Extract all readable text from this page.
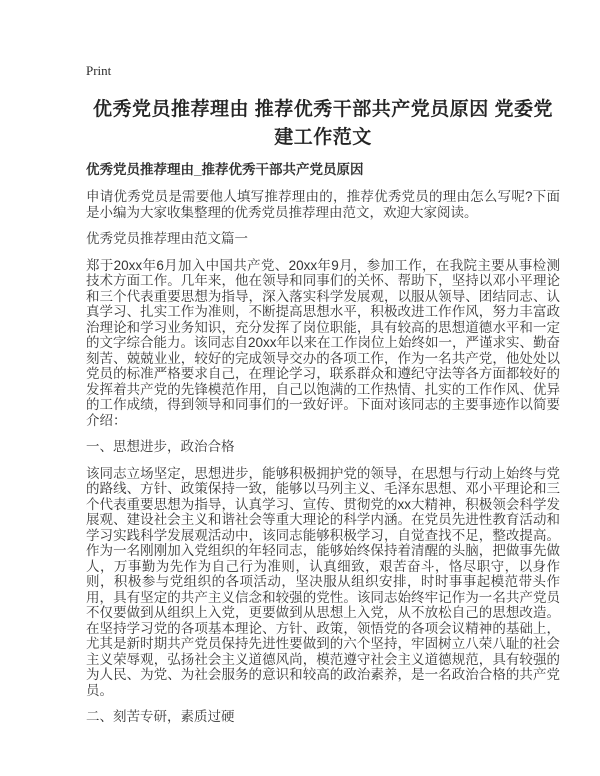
Print
优秀党员推荐理由 推荐优秀干部共产党员原因 党委党建工作范文
优秀党员推荐理由_推荐优秀干部共产党员原因

申请优秀党员是需要他人填写推荐理由的，推荐优秀党员的理由怎么写呢?下面是小编为大家收集整理的优秀党员推荐理由范文，欢迎大家阅读。

优秀党员推荐理由范文篇一

郑于20xx年6月加入中国共产党、20xx年9月，参加工作，在我院主要从事检测技术方面工作。几年来，他在领导和同事们的关怀、帮助下，坚持以邓小平理论和三个代表重要思想为指导，深入落实科学发展观，以服从领导、团结同志、认真学习、扎实工作为准则，不断提高思想水平，积极改进工作作风，努力丰富政治理论和学习业务知识，充分发挥了岗位职能，具有较高的思想道德水平和一定的文字综合能力。该同志自20xx年以来在工作岗位上始终如一，严谨求实、勤奋刻苦、兢兢业业，较好的完成领导交办的各项工作，作为一名共产党，他处处以党员的标准严格要求自己，在理论学习，联系群众和遵纪守法等各方面都较好的发挥着共产党的先锋模范作用，自己以饱满的工作热情、扎实的工作作风、优异的工作成绩，得到领导和同事们的一致好评。下面对该同志的主要事迹作以简要介绍：

一、思想进步，政治合格

该同志立场坚定，思想进步，能够积极拥护党的领导，在思想与行动上始终与党的路线、方针、政策保持一致，能够以马列主义、毛泽东思想、邓小平理论和三个代表重要思想为指导，认真学习、宣传、贯彻党的xx大精神，积极领会科学发展观、建设社会主义和谐社会等重大理论的科学内涵。在党员先进性教育活动和学习实践科学发展观活动中，该同志能够积极学习，自觉查找不足，整改提高。作为一名刚刚加入党组织的年轻同志，能够始终保持着清醒的头脑，把做事先做人，万事勤为先作为自己行为准则，认真细致，艰苦奋斗，恪尽职守，以身作则，积极参与党组织的各项活动，坚决服从组织安排，时时事事起模范带头作用，具有坚定的共产主义信念和较强的党性。该同志始终牢记作为一名共产党员不仅要做到从组织上入党，更要做到从思想上入党，从不放松自己的思想改造。在坚持学习党的各项基本理论、方针、政策，领悟党的各项会议精神的基础上，尤其是新时期共产党员保持先进性要做到的六个坚持，牢固树立八荣八耻的社会主义荣辱观，弘扬社会主义道德风尚，模范遵守社会主义道德规范，具有较强的为人民、为党、为社会服务的意识和较高的政治素养，是一名政治合格的共产党员。

二、刻苦专研，素质过硬
